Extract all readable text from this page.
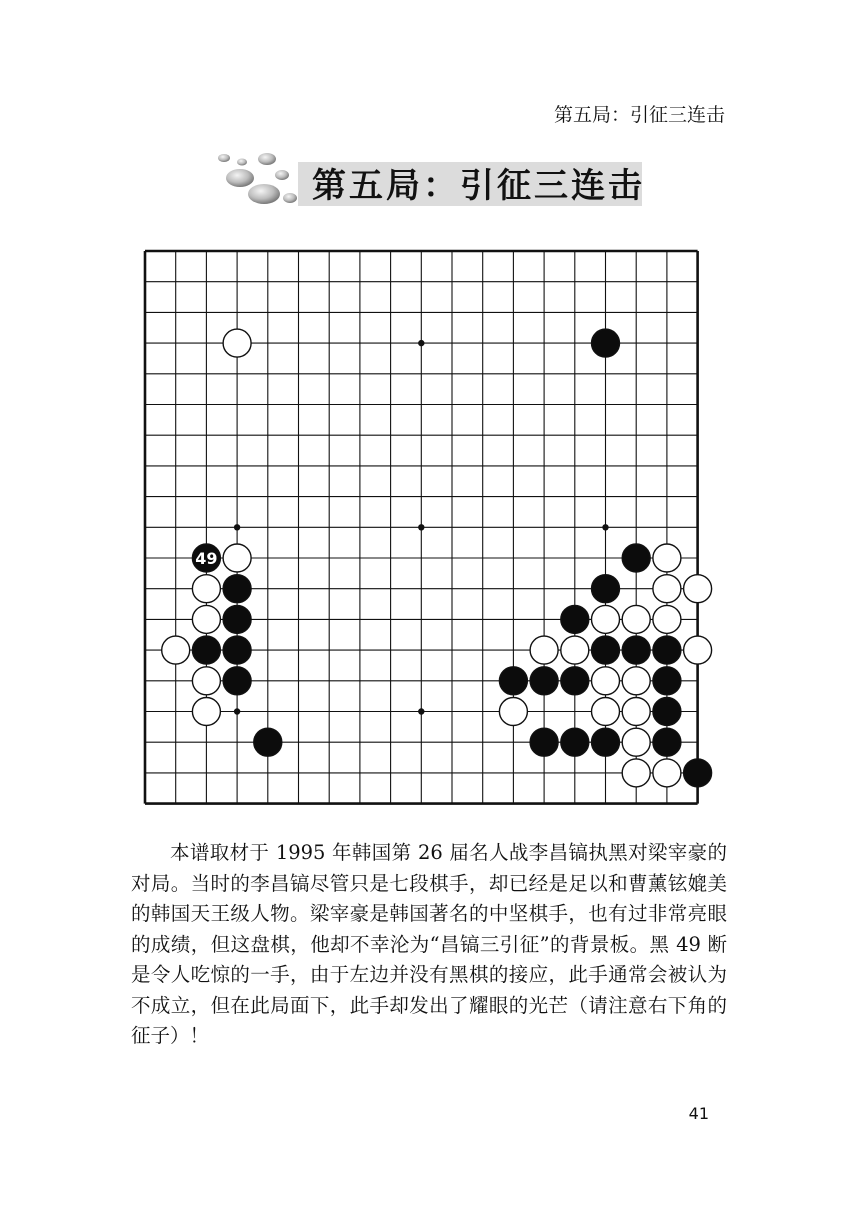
第五局：引征三连击
第五局：引征三连击
49
本谱取材于 1995 年韩国第 26 届名人战李昌镐执黑对梁宰豪的对局。当时的李昌镐尽管只是七段棋手，却已经是足以和曹薰铉媲美的韩国天王级人物。梁宰豪是韩国著名的中坚棋手，也有过非常亮眼的成绩，但这盘棋，他却不幸沦为“昌镐三引征”的背景板。黑 49 断是令人吃惊的一手，由于左边并没有黑棋的接应，此手通常会被认为不成立，但在此局面下，此手却发出了耀眼的光芒（请注意右下角的征子）！
41
